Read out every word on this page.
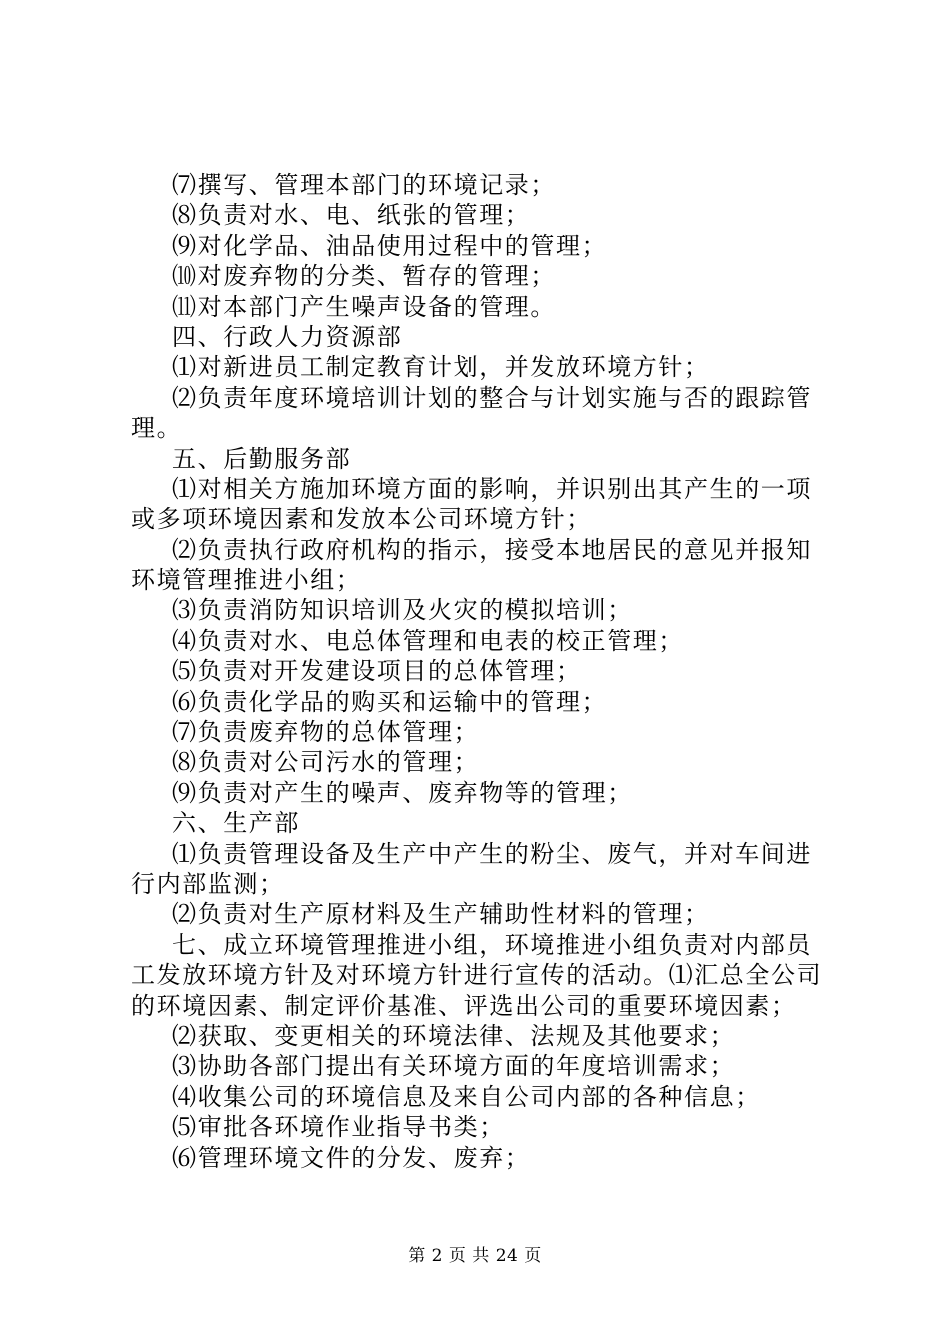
⑺撰写、管理本部门的环境记录；
⑻负责对水、电、纸张的管理；
⑼对化学品、油品使用过程中的管理；
⑽对废弃物的分类、暂存的管理；
⑾对本部门产生噪声设备的管理。
四、行政人力资源部
⑴对新进员工制定教育计划，并发放环境方针；
⑵负责年度环境培训计划的整合与计划实施与否的跟踪管
理。
五、后勤服务部
⑴对相关方施加环境方面的影响，并识别出其产生的一项
或多项环境因素和发放本公司环境方针；
⑵负责执行政府机构的指示，接受本地居民的意见并报知
环境管理推进小组；
⑶负责消防知识培训及火灾的模拟培训；
⑷负责对水、电总体管理和电表的校正管理；
⑸负责对开发建设项目的总体管理；
⑹负责化学品的购买和运输中的管理；
⑺负责废弃物的总体管理；
⑻负责对公司污水的管理；
⑼负责对产生的噪声、废弃物等的管理；
六、生产部
⑴负责管理设备及生产中产生的粉尘、废气，并对车间进
行内部监测；
⑵负责对生产原材料及生产辅助性材料的管理；
七、成立环境管理推进小组，环境推进小组负责对内部员
工发放环境方针及对环境方针进行宣传的活动。⑴汇总全公司
的环境因素、制定评价基准、评选出公司的重要环境因素；
⑵获取、变更相关的环境法律、法规及其他要求；
⑶协助各部门提出有关环境方面的年度培训需求；
⑷收集公司的环境信息及来自公司内部的各种信息；
⑸审批各环境作业指导书类；
⑹管理环境文件的分发、废弃；
第 2 页 共 24 页
